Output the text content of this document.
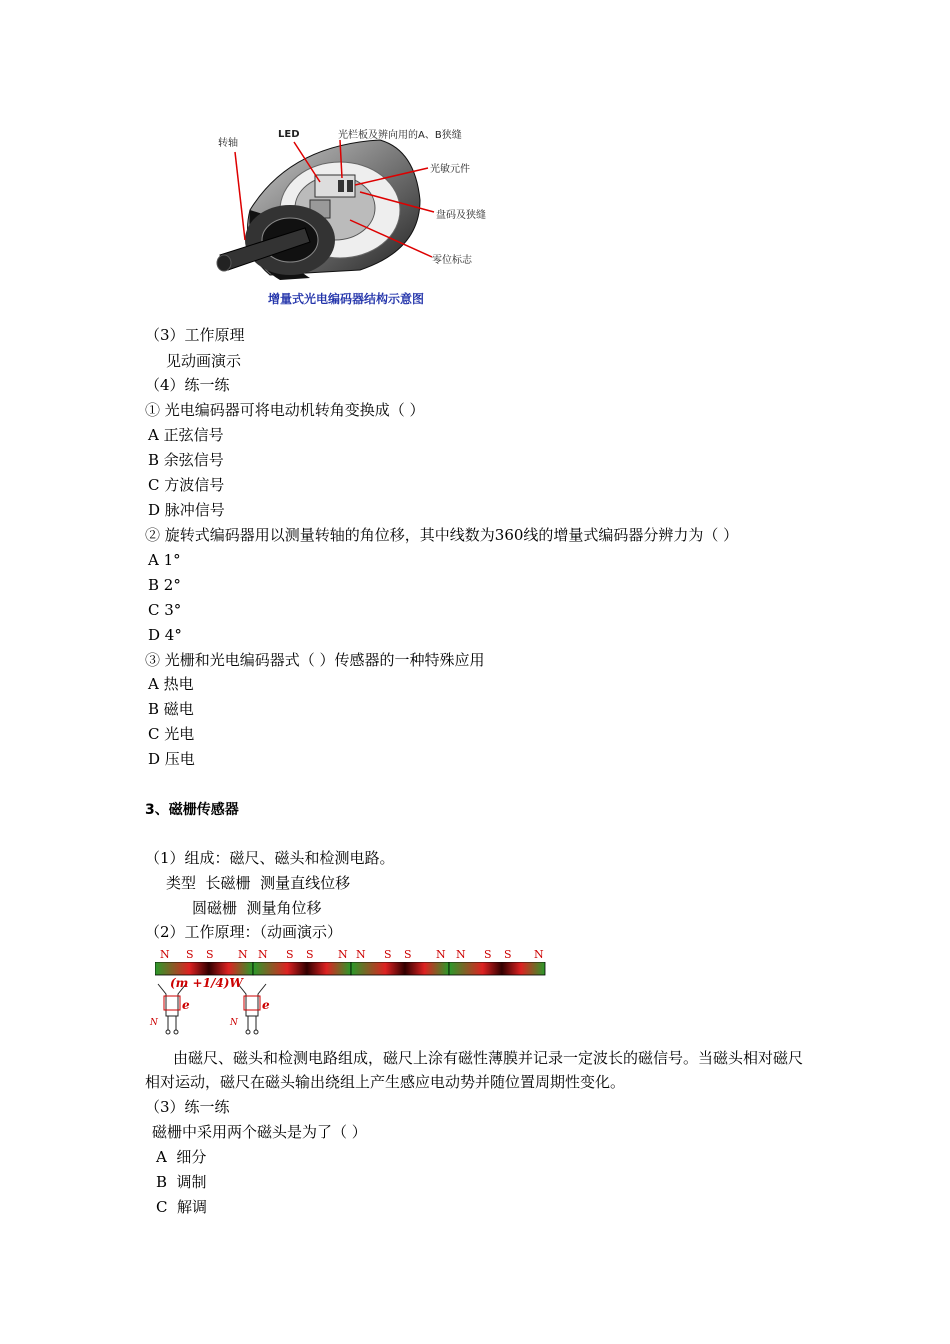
转轴
LED	光栏板及辨向用的A、B狭缝
光敏元件
盘码及狭缝
零位标志
增量式光电编码器结构示意图
（3）工作原理
见动画演示
（4）练一练
① 光电编码器可将电动机转角变换成（ ）
A 正弦信号
B 余弦信号
C 方波信号
D 脉冲信号
② 旋转式编码器用以测量转轴的角位移，其中线数为360线的增量式编码器分辨力为（ ）
A 1°
B 2°
C 3°
D 4°
③ 光栅和光电编码器式（ ）传感器的一种特殊应用
A 热电
B 磁电
C 光电
D 压电
3、磁栅传感器
（1）组成：磁尺、磁头和检测电路。
类型  长磁栅  测量直线位移
圆磁栅  测量角位移
（2）工作原理：（动画演示）
N S S N N S S N N S S N N S S N
(m +1/4)W
e	e
N	N
由磁尺、磁头和检测电路组成，磁尺上涂有磁性薄膜并记录一定波长的磁信号。当磁头相对磁尺相对运动，磁尺在磁头输出绕组上产生感应电动势并随位置周期性变化。
（3）练一练
磁栅中采用两个磁头是为了（ ）
A  细分
B  调制
C  解调
